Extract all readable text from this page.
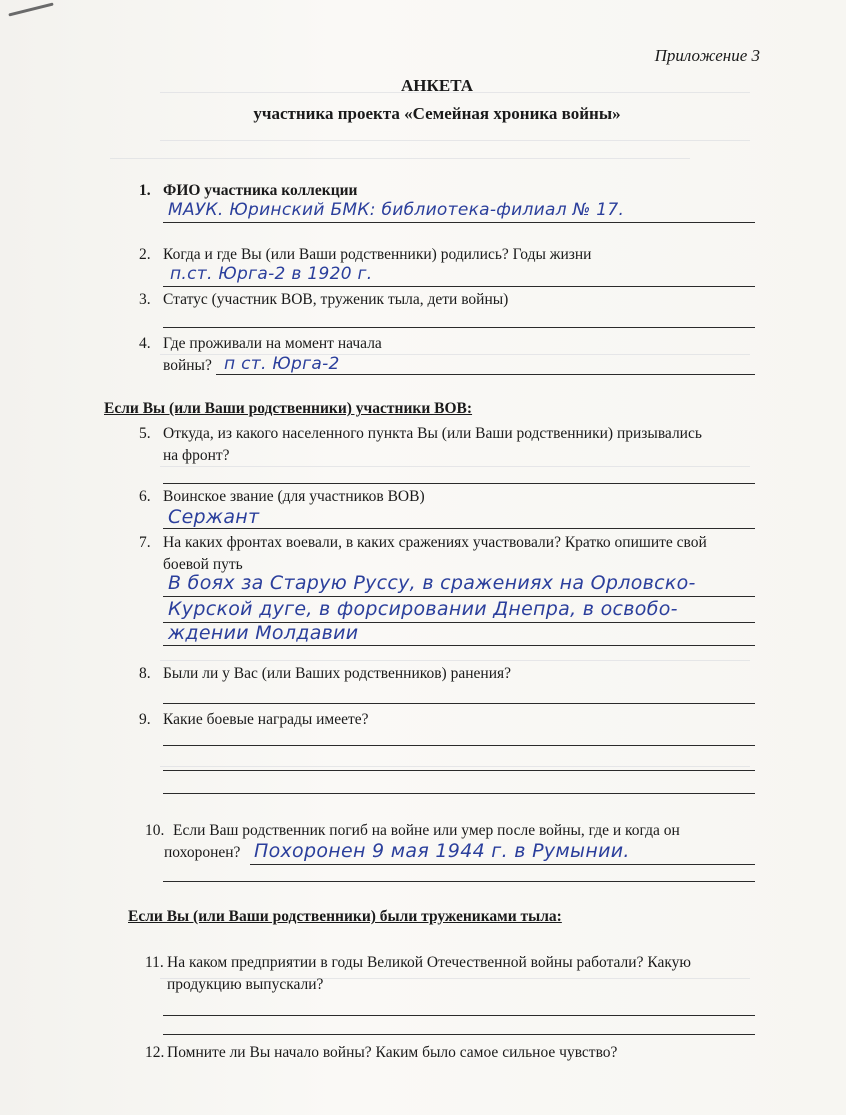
Приложение 3
АНКЕТА
участника проекта «Семейная хроника войны»
1. ФИО участника коллекции
МАУК. Юринский БМК: библиотека-филиал № 17.
2. Когда и где Вы (или Ваши родственники) родились? Годы жизни
п.ст. Юрга-2 в 1920 г.
3. Статус (участник ВОВ, труженик тыла, дети войны)
4. Где проживали на момент начала
войны? п ст. Юрга-2
Если Вы (или Ваши родственники) участники ВОВ:
5. Откуда, из какого населенного пункта Вы (или Ваши родственники) призывались
на фронт?
6. Воинское звание (для участников ВОВ)
Сержант
7. На каких фронтах воевали, в каких сражениях участвовали? Кратко опишите свой
боевой путь
В боях за Старую Руссу, в сражениях на Орловско-
Курской дуге, в форсировании Днепра, в освобо-
ждении Молдавии
8. Были ли у Вас (или Ваших родственников) ранения?
9. Какие боевые награды имеете?
10. Если Ваш родственник погиб на войне или умер после войны, где и когда он
похоронен? Похоронен 9 мая 1944 г. в Румынии.
Если Вы (или Ваши родственники) были тружениками тыла:
11. На каком предприятии в годы Великой Отечественной войны работали? Какую
продукцию выпускали?
12. Помните ли Вы начало войны? Каким было самое сильное чувство?
